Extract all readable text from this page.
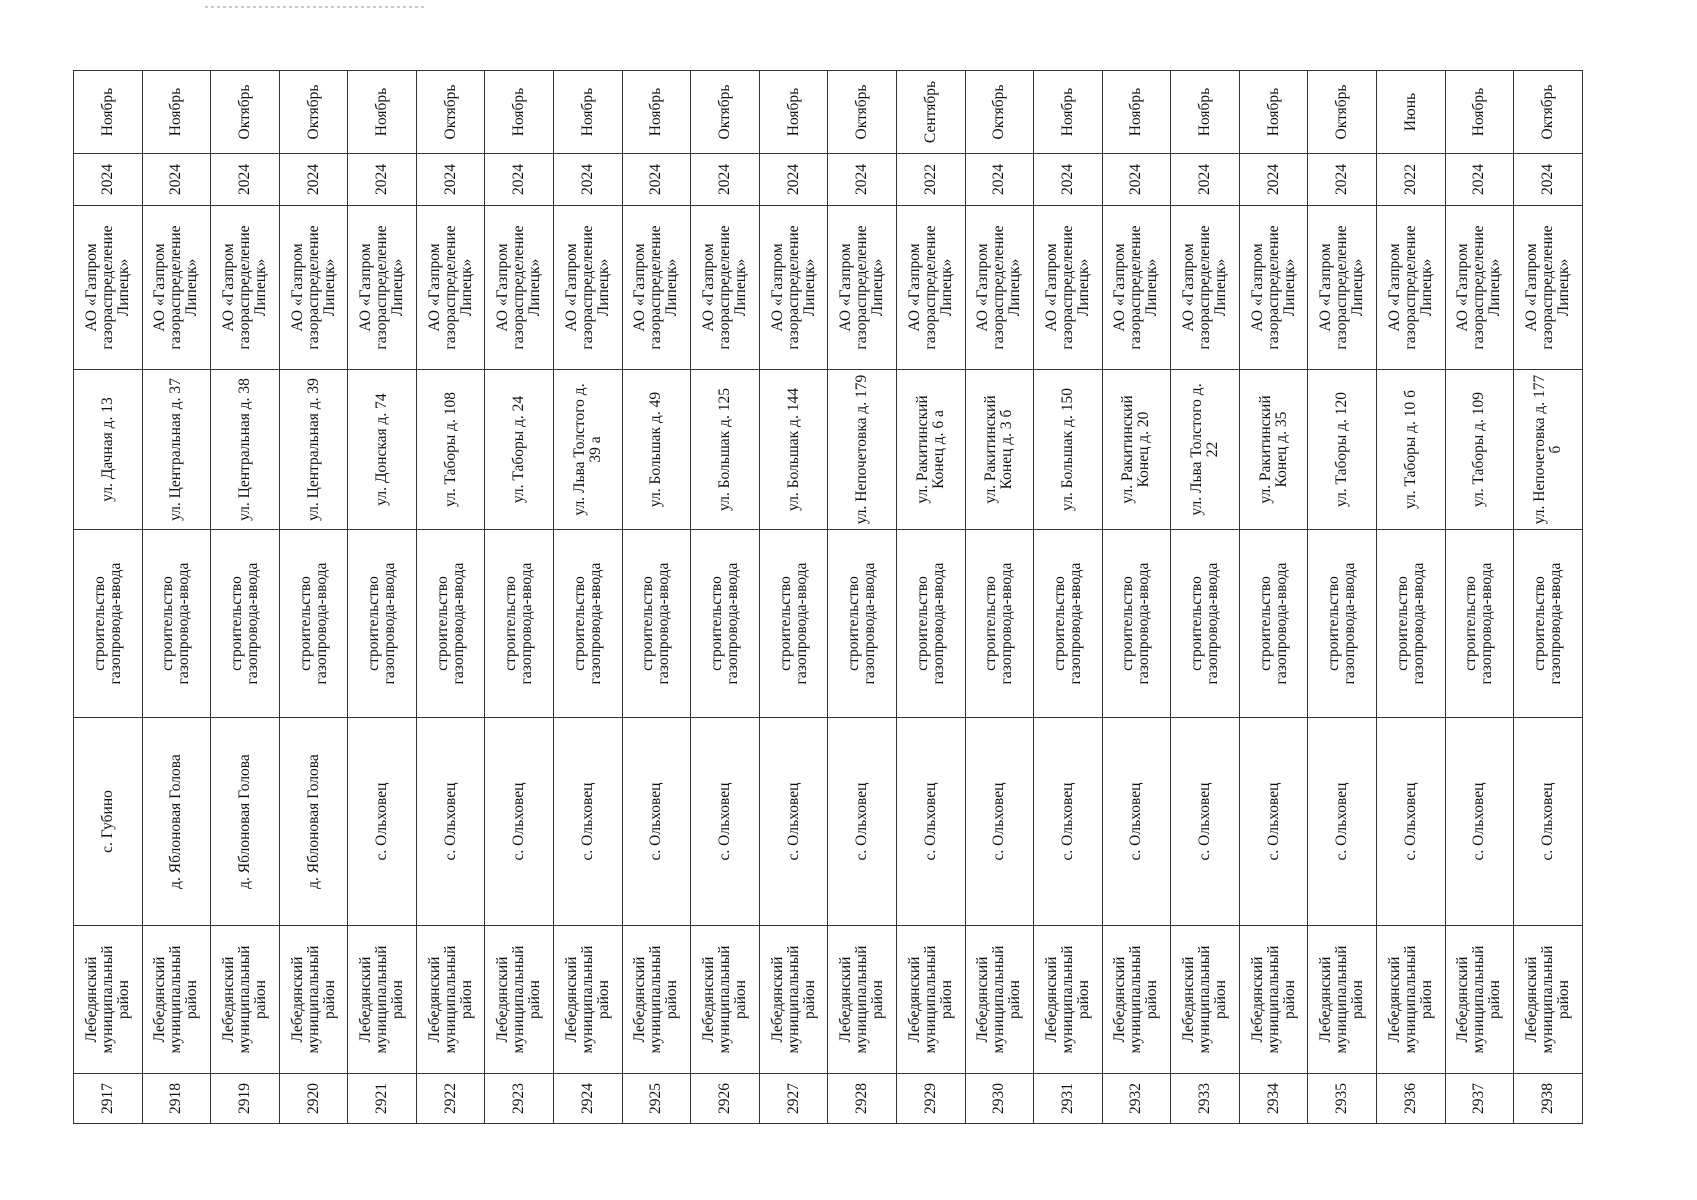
2917	Лебедянский муниципальный район	с. Губино	строительство газопровода-ввода	ул. Дачная д. 13	АО «Газпром газораспределение Липецк»	2024	Ноябрь
2918	Лебедянский муниципальный район	д. Яблоновая Голова	строительство газопровода-ввода	ул. Центральная д. 37	АО «Газпром газораспределение Липецк»	2024	Ноябрь
2919	Лебедянский муниципальный район	д. Яблоновая Голова	строительство газопровода-ввода	ул. Центральная д. 38	АО «Газпром газораспределение Липецк»	2024	Октябрь
2920	Лебедянский муниципальный район	д. Яблоновая Голова	строительство газопровода-ввода	ул. Центральная д. 39	АО «Газпром газораспределение Липецк»	2024	Октябрь
2921	Лебедянский муниципальный район	с. Ольховец	строительство газопровода-ввода	ул. Донская д. 74	АО «Газпром газораспределение Липецк»	2024	Ноябрь
2922	Лебедянский муниципальный район	с. Ольховец	строительство газопровода-ввода	ул. Таборы д. 108	АО «Газпром газораспределение Липецк»	2024	Октябрь
2923	Лебедянский муниципальный район	с. Ольховец	строительство газопровода-ввода	ул. Таборы д. 24	АО «Газпром газораспределение Липецк»	2024	Ноябрь
2924	Лебедянский муниципальный район	с. Ольховец	строительство газопровода-ввода	ул. Льва Толстого д. 39 а	АО «Газпром газораспределение Липецк»	2024	Ноябрь
2925	Лебедянский муниципальный район	с. Ольховец	строительство газопровода-ввода	ул. Большак д. 49	АО «Газпром газораспределение Липецк»	2024	Ноябрь
2926	Лебедянский муниципальный район	с. Ольховец	строительство газопровода-ввода	ул. Большак д. 125	АО «Газпром газораспределение Липецк»	2024	Октябрь
2927	Лебедянский муниципальный район	с. Ольховец	строительство газопровода-ввода	ул. Большак д. 144	АО «Газпром газораспределение Липецк»	2024	Ноябрь
2928	Лебедянский муниципальный район	с. Ольховец	строительство газопровода-ввода	ул. Непочетовка д. 179	АО «Газпром газораспределение Липецк»	2024	Октябрь
2929	Лебедянский муниципальный район	с. Ольховец	строительство газопровода-ввода	ул. Ракитинский Конец д. 6 а	АО «Газпром газораспределение Липецк»	2022	Сентябрь
2930	Лебедянский муниципальный район	с. Ольховец	строительство газопровода-ввода	ул. Ракитинский Конец д. 3 б	АО «Газпром газораспределение Липецк»	2024	Октябрь
2931	Лебедянский муниципальный район	с. Ольховец	строительство газопровода-ввода	ул. Большак д. 150	АО «Газпром газораспределение Липецк»	2024	Ноябрь
2932	Лебедянский муниципальный район	с. Ольховец	строительство газопровода-ввода	ул. Ракитинский Конец д. 20	АО «Газпром газораспределение Липецк»	2024	Ноябрь
2933	Лебедянский муниципальный район	с. Ольховец	строительство газопровода-ввода	ул. Льва Толстого д. 22	АО «Газпром газораспределение Липецк»	2024	Ноябрь
2934	Лебедянский муниципальный район	с. Ольховец	строительство газопровода-ввода	ул. Ракитинский Конец д. 35	АО «Газпром газораспределение Липецк»	2024	Ноябрь
2935	Лебедянский муниципальный район	с. Ольховец	строительство газопровода-ввода	ул. Таборы д. 120	АО «Газпром газораспределение Липецк»	2024	Октябрь
2936	Лебедянский муниципальный район	с. Ольховец	строительство газопровода-ввода	ул. Таборы д. 10 б	АО «Газпром газораспределение Липецк»	2022	Июнь
2937	Лебедянский муниципальный район	с. Ольховец	строительство газопровода-ввода	ул. Таборы д. 109	АО «Газпром газораспределение Липецк»	2024	Ноябрь
2938	Лебедянский муниципальный район	с. Ольховец	строительство газопровода-ввода	ул. Непочетовка д. 177 б	АО «Газпром газораспределение Липецк»	2024	Октябрь
